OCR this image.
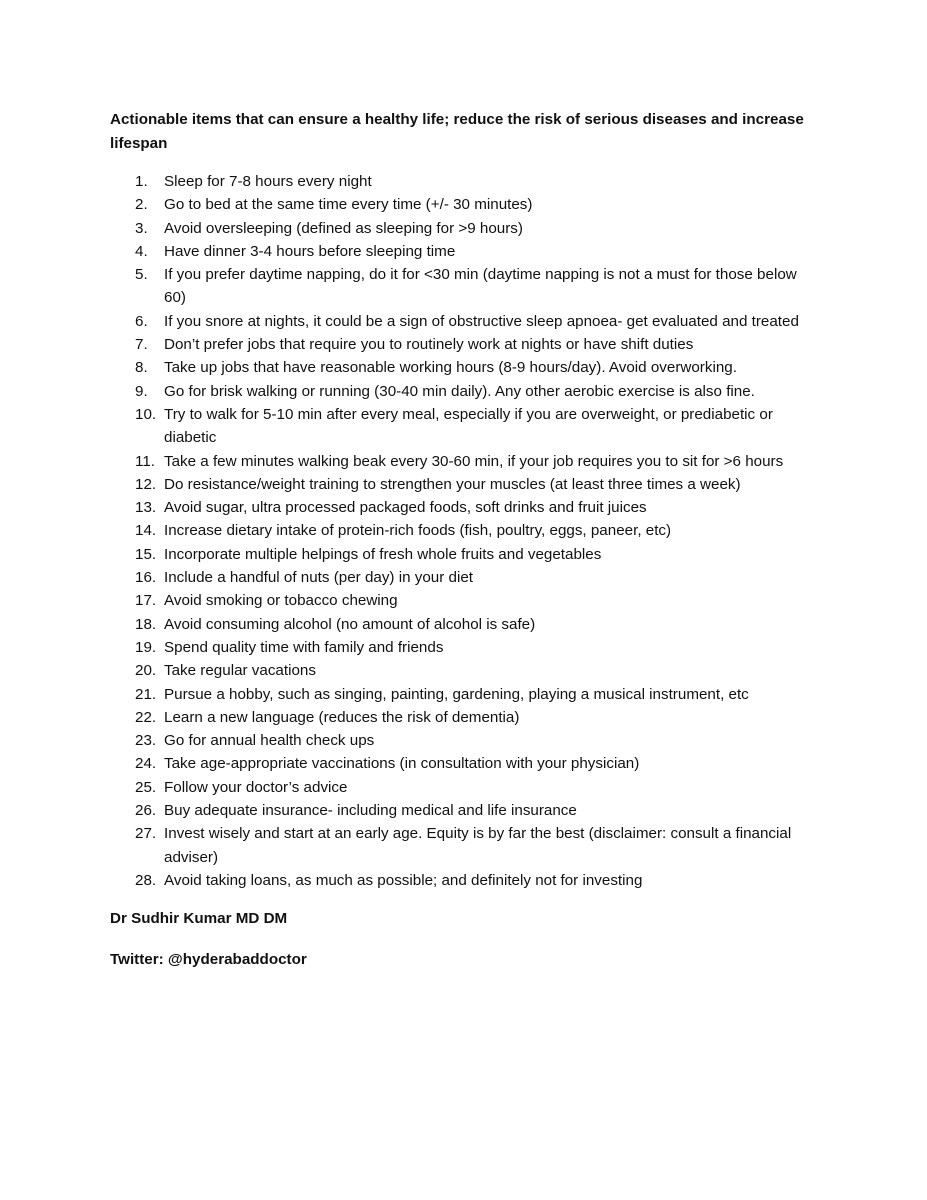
Actionable items that can ensure a healthy life; reduce the risk of serious diseases and increase lifespan
1. Sleep for 7-8 hours every night
2. Go to bed at the same time every time (+/- 30 minutes)
3. Avoid oversleeping (defined as sleeping for >9 hours)
4. Have dinner 3-4 hours before sleeping time
5. If you prefer daytime napping, do it for <30 min (daytime napping is not a must for those below 60)
6. If you snore at nights, it could be a sign of obstructive sleep apnoea- get evaluated and treated
7. Don’t prefer jobs that require you to routinely work at nights or have shift duties
8. Take up jobs that have reasonable working hours (8-9 hours/day). Avoid overworking.
9. Go for brisk walking or running (30-40 min daily). Any other aerobic exercise is also fine.
10. Try to walk for 5-10 min after every meal, especially if you are overweight, or prediabetic or diabetic
11. Take a few minutes walking beak every 30-60 min, if your job requires you to sit for >6 hours
12. Do resistance/weight training to strengthen your muscles (at least three times a week)
13. Avoid sugar, ultra processed packaged foods, soft drinks and fruit juices
14. Increase dietary intake of protein-rich foods (fish, poultry, eggs, paneer, etc)
15. Incorporate multiple helpings of fresh whole fruits and vegetables
16. Include a handful of nuts (per day) in your diet
17. Avoid smoking or tobacco chewing
18. Avoid consuming alcohol (no amount of alcohol is safe)
19. Spend quality time with family and friends
20. Take regular vacations
21. Pursue a hobby, such as singing, painting, gardening, playing a musical instrument, etc
22. Learn a new language (reduces the risk of dementia)
23. Go for annual health check ups
24. Take age-appropriate vaccinations (in consultation with your physician)
25. Follow your doctor’s advice
26. Buy adequate insurance- including medical and life insurance
27. Invest wisely and start at an early age. Equity is by far the best (disclaimer: consult a financial adviser)
28. Avoid taking loans, as much as possible; and definitely not for investing
Dr Sudhir Kumar MD DM
Twitter: @hyderabaddoctor
